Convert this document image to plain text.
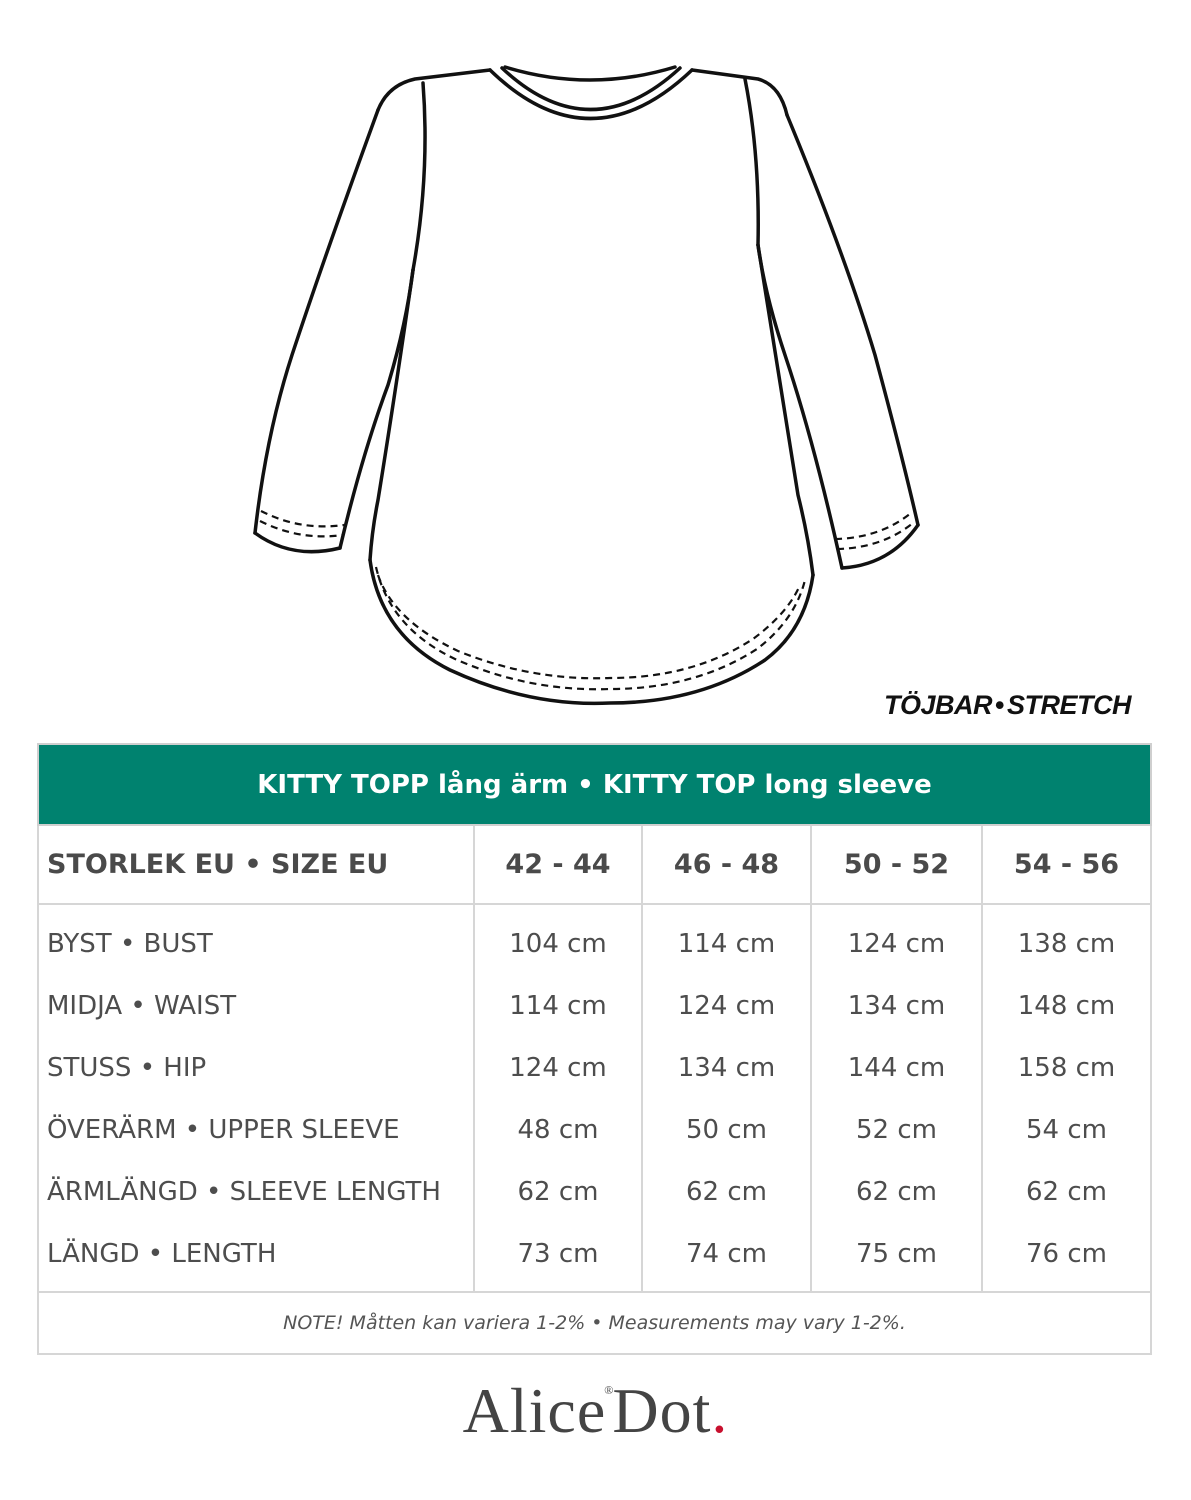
TÖJBAR • STRETCH
KITTY TOPP lång ärm • KITTY TOP long sleeve				
STORLEK EU • SIZE EU	42 - 44	46 - 48	50 - 52	54 - 56
BYST • BUST	104 cm	114 cm	124 cm	138 cm
MIDJA • WAIST	114 cm	124 cm	134 cm	148 cm
STUSS • HIP	124 cm	134 cm	144 cm	158 cm
ÖVERÄRM • UPPER SLEEVE	48 cm	50 cm	52 cm	54 cm
ÄRMLÄNGD • SLEEVE LENGTH	62 cm	62 cm	62 cm	62 cm
LÄNGD • LENGTH	73 cm	74 cm	75 cm	76 cm
NOTE! Måtten kan variera 1-2% • Measurements may vary 1-2%.				
Alice®Dot.
